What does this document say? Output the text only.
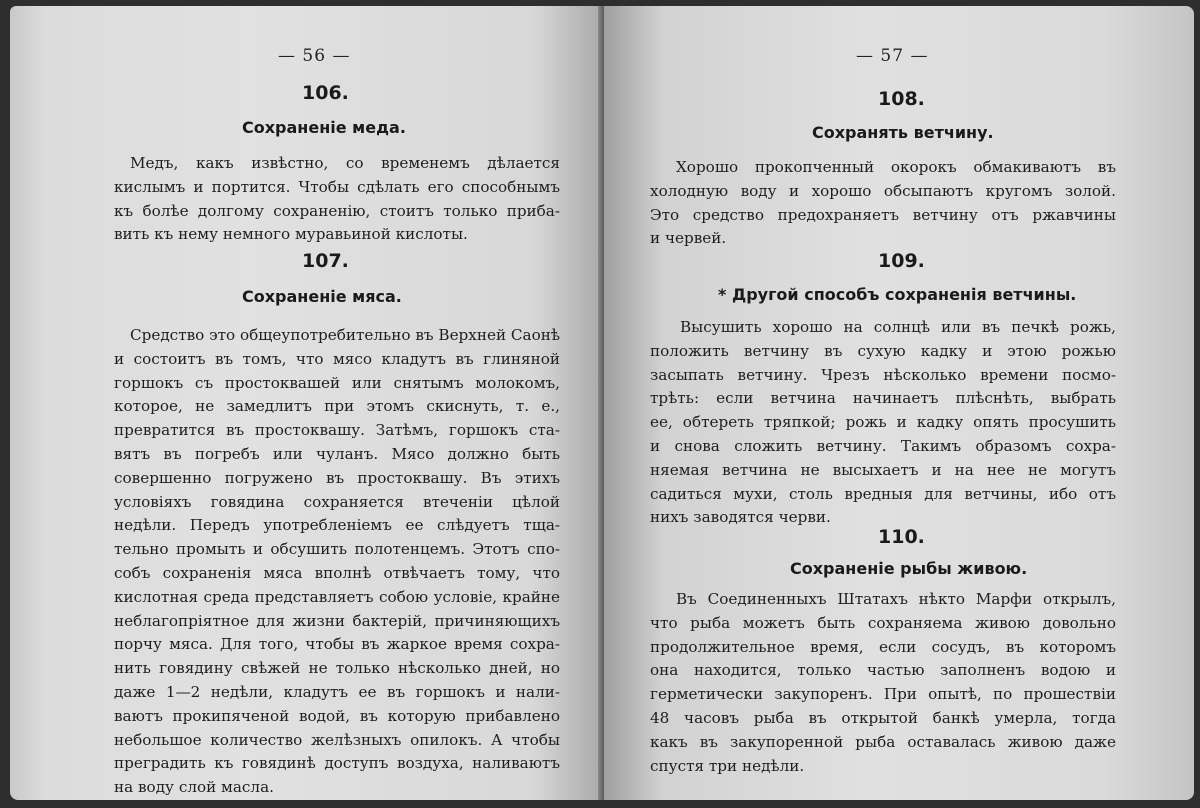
— 56 —
106.
Сохраненіе меда.
Медъ, какъ извѣстно, со временемъ дѣлается
кислымъ и портится. Чтобы сдѣлать его способнымъ
къ болѣе долгому сохраненію, стоитъ только приба-
вить къ нему немного муравьиной кислоты.
107.
Сохраненіе мяса.
Средство это общеупотребительно въ Верхней Саонѣ
и состоитъ въ томъ, что мясо кладутъ въ глиняной
горшокъ съ простоквашей или снятымъ молокомъ,
которое, не замедлитъ при этомъ скиснуть, т. е.,
превратится въ простоквашу. Затѣмъ, горшокъ ста-
вятъ въ погребъ или чуланъ. Мясо должно быть
совершенно погружено въ простоквашу. Въ этихъ
условіяхъ говядина сохраняется втеченіи цѣлой
недѣли. Передъ употребленіемъ ее слѣдуетъ тща-
тельно промыть и обсушить полотенцемъ. Этотъ спо-
собъ сохраненія мяса вполнѣ отвѣчаетъ тому, что
кислотная среда представляетъ собою условіе, крайне
неблагопріятное для жизни бактерій, причиняющихъ
порчу мяса. Для того, чтобы въ жаркое время сохра-
нить говядину свѣжей не только нѣсколько дней, но
даже 1—2 недѣли, кладутъ ее въ горшокъ и нали-
ваютъ прокипяченой водой, въ которую прибавлено
небольшое количество желѣзныхъ опилокъ. А чтобы
преградить къ говядинѣ доступъ воздуха, наливаютъ
на воду слой масла.
— 57 —
108.
Сохранять ветчину.
Хорошо прокопченный окорокъ обмакиваютъ въ
холодную воду и хорошо обсыпаютъ кругомъ золой.
Это средство предохраняетъ ветчину отъ ржавчины
и червей.
109.
* Другой способъ сохраненія ветчины.
Высушить хорошо на солнцѣ или въ печкѣ рожь,
положить ветчину въ сухую кадку и этою рожью
засыпать ветчину. Чрезъ нѣсколько времени посмо-
трѣть: если ветчина начинаетъ плѣснѣть, выбрать
ее, обтереть тряпкой; рожь и кадку опять просушить
и снова сложить ветчину. Такимъ образомъ сохра-
няемая ветчина не высыхаетъ и на нее не могутъ
садиться мухи, столь вредныя для ветчины, ибо отъ
нихъ заводятся черви.
110.
Сохраненіе рыбы живою.
Въ Соединенныхъ Штатахъ нѣкто Марфи открылъ,
что рыба можетъ быть сохраняема живою довольно
продолжительное время, если сосудъ, въ которомъ
она находится, только частью заполненъ водою и
герметически закупоренъ. При опытѣ, по прошествіи
48 часовъ рыба въ открытой банкѣ умерла, тогда
какъ въ закупоренной рыба оставалась живою даже
спустя три недѣли.
